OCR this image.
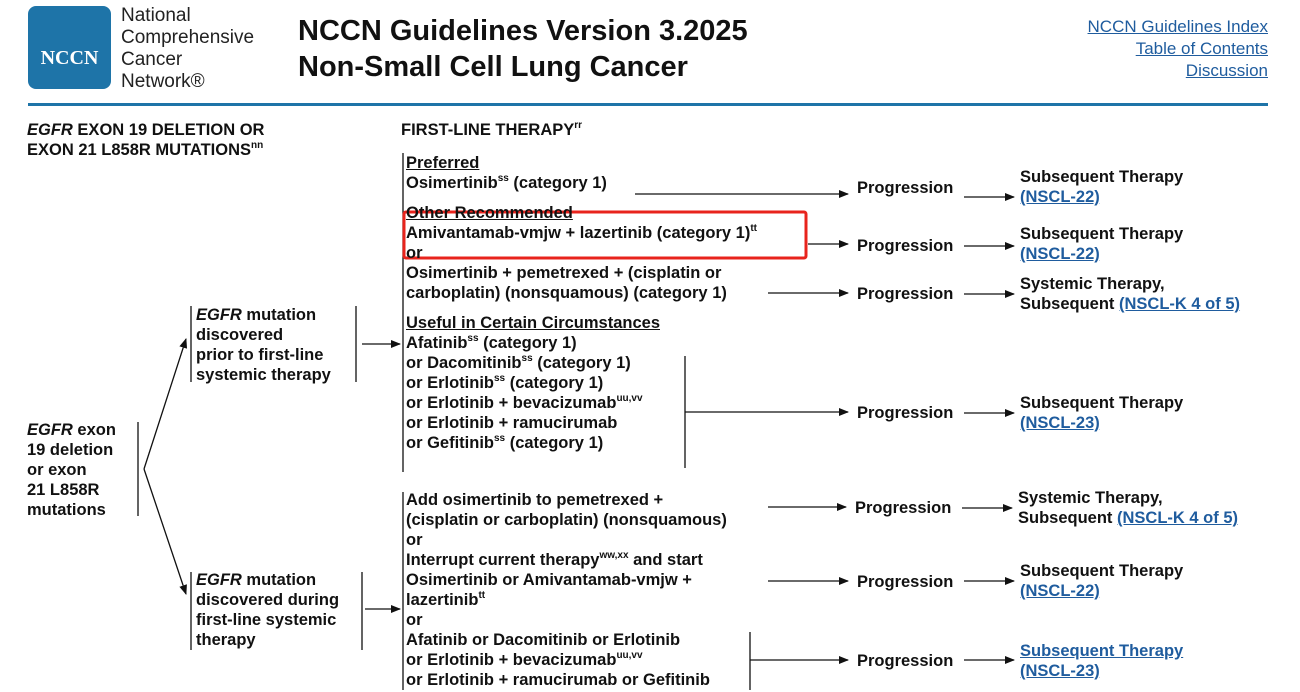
NCCN
National
Comprehensive
Cancer
Network®
NCCN Guidelines Version 3.2025
Non-Small Cell Lung Cancer
NCCN Guidelines Index
Table of Contents
Discussion
EGFR EXON 19 DELETION OR
EXON 21 L858R $MUTATIONS^{nn}$
EGFR exon
19 deletion
or exon
21 L858R
mutations
EGFR mutation
discovered
prior to first-line
systemic therapy
EGFR mutation
discovered during
first-line systemic
therapy
FIRST-LINE $THERAPY^{rr}$
Preferred
Osimertinib$^{ss}$ (category 1)
Other Recommended
Amivantamab-vmjw + lazertinib (category 1)$^{tt}$
or
Osimertinib + pemetrexed + (cisplatin or
carboplatin) (nonsquamous) (category 1)
Useful in Certain Circumstances
Afatinib$^{ss}$ (category 1)
or Dacomitinib$^{ss}$ (category 1)
or Erlotinib$^{ss}$ (category 1)
or Erlotinib + bevacizumab$^{uu,vv}$
or Erlotinib + ramucirumab
or Gefitinib$^{ss}$ (category 1)
Add osimertinib to pemetrexed +
(cisplatin or carboplatin) (nonsquamous)
or
Interrupt current therapy$^{ww,xx}$ and start
Osimertinib or Amivantamab-vmjw +
lazertinib$^{tt}$
or
Afatinib or Dacomitinib or Erlotinib
or Erlotinib + bevacizumab$^{uu,vv}$
or Erlotinib + ramucirumab or Gefitinib
Progression
Progression
Progression
Progression
Progression
Progression
Progression
Subsequent Therapy
(NSCL-22)
Subsequent Therapy
(NSCL-22)
Systemic Therapy,
Subsequent (NSCL-K 4 of 5)
Subsequent Therapy
(NSCL-23)
Systemic Therapy,
Subsequent (NSCL-K 4 of 5)
Subsequent Therapy
(NSCL-22)
Subsequent Therapy
(NSCL-23)
